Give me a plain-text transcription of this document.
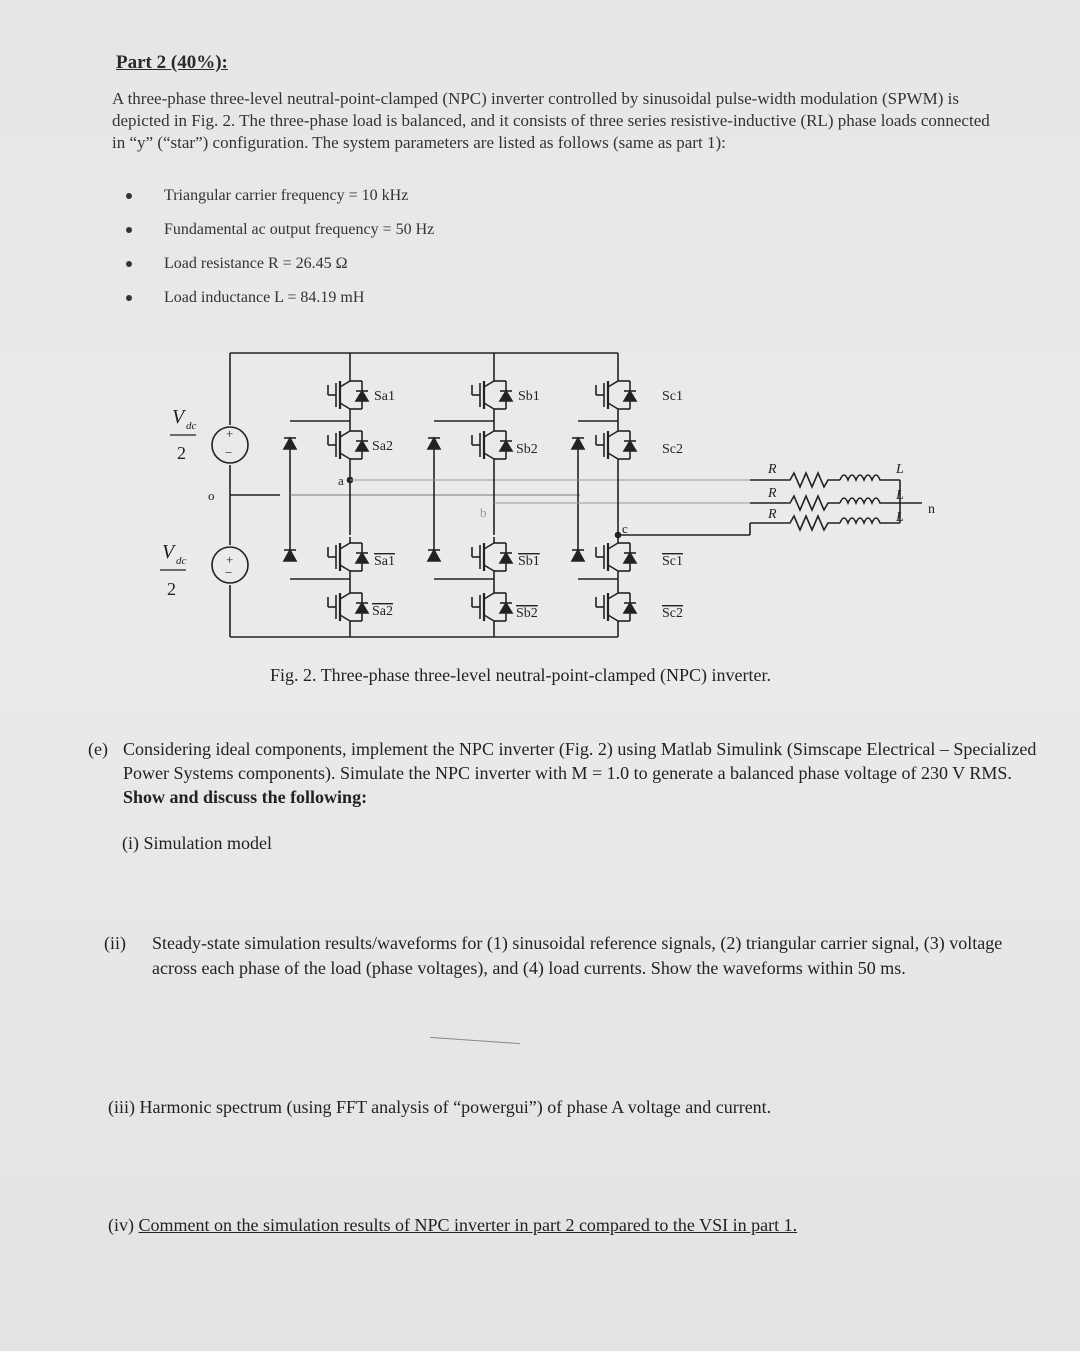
Part 2 (40%):

A three-phase three-level neutral-point-clamped (NPC) inverter controlled by sinusoidal pulse-width modulation (SPWM) is depicted in Fig. 2. The three-phase load is balanced, and it consists of three series resistive-inductive (RL) phase loads connected in “y” (“star”) configuration. The system parameters are listed as follows (same as part 1):

Triangular carrier frequency = 10 kHz
Fundamental ac output frequency = 50 Hz
Load resistance R = 26.45 Ω
Load inductance L = 84.19 mH
+
−
+
−
V dc
2
V dc
2
o
a
b
c
Sa1	Sb1	Sc1
Sa2	Sb2	Sc2
Sa1	Sb1	Sc1
Sa2	Sb2	Sc2
R
R
R
L
L
L
n

Fig. 2. Three-phase three-level neutral-point-clamped (NPC) inverter.

(e) Considering ideal components, implement the NPC inverter (Fig. 2) using Matlab Simulink (Simscape Electrical – Specialized Power Systems components). Simulate the NPC inverter with M = 1.0 to generate a balanced phase voltage of 230 V RMS. Show and discuss the following:

(i) Simulation model

(ii) Steady-state simulation results/waveforms for (1) sinusoidal reference signals, (2) triangular carrier signal, (3) voltage across each phase of the load (phase voltages), and (4) load currents. Show the waveforms within 50 ms.

(iii) Harmonic spectrum (using FFT analysis of “powergui”) of phase A voltage and current.

(iv) Comment on the simulation results of NPC inverter in part 2 compared to the VSI in part 1.
